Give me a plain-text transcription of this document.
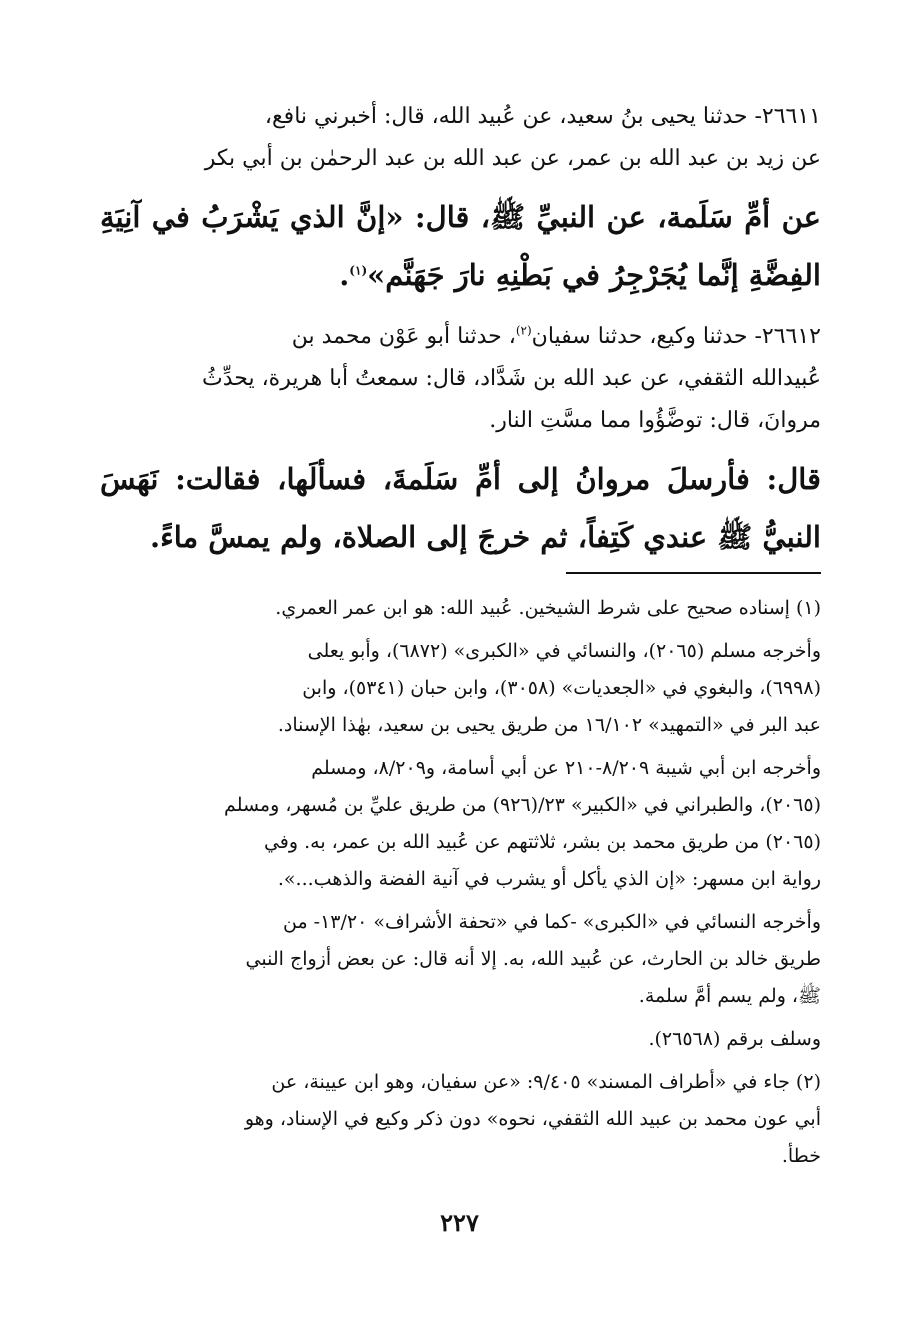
٢٦٦١١- حدثنا يحيى بنُ سعيد، عن عُبيد الله، قال: أخبرني نافع،
عن زيد بن عبد الله بن عمر، عن عبد الله بن عبد الرحمٰن بن أبي بكر
عن أمِّ سَلَمة، عن النبيِّ ﷺ، قال: «إنَّ الذي يَشْرَبُ في آنِيَةِ
الفِضَّةِ إنَّما يُجَرْجِرُ في بَطْنِهِ نارَ جَهَنَّم»$^{(١)}$.
٢٦٦١٢- حدثنا وكيع، حدثنا سفيان$^{(٢)}$، حدثنا أبو عَوْن محمد بن
عُبيدالله الثقفي، عن عبد الله بن شَدَّاد، قال: سمعتُ أبا هريرة، يحدِّثُ
مروانَ، قال: توضَّؤُوا مما مسَّتِ النار.
قال: فأرسلَ مروانُ إلى أمِّ سَلَمةَ، فسألَها، فقالت: نَهَسَ
النبيُّ ﷺ عندي كَتِفاً، ثم خرجَ إلى الصلاة، ولم يمسَّ ماءً.
(١) إسناده صحيح على شرط الشيخين. عُبيد الله: هو ابن عمر العمري.
وأخرجه مسلم (٢٠٦٥)، والنسائي في «الكبرى» (٦٨٧٢)، وأبو يعلى
(٦٩٩٨)، والبغوي في «الجعديات» (٣٠٥٨)، وابن حبان (٥٣٤١)، وابن
عبد البر في «التمهيد» ١٦/١٠٢ من طريق يحيى بن سعيد، بهٰذا الإسناد.
وأخرجه ابن أبي شيبة ٨/٢٠٩-٢١٠ عن أبي أسامة، و٨/٢٠٩، ومسلم
(٢٠٦٥)، والطبراني في «الكبير» ٢٣/(٩٢٦) من طريق عليِّ بن مُسهر، ومسلم
(٢٠٦٥) من طريق محمد بن بشر، ثلاثتهم عن عُبيد الله بن عمر، به. وفي
رواية ابن مسهر: «إن الذي يأكل أو يشرب في آنية الفضة والذهب...».
وأخرجه النسائي في «الكبرى» -كما في «تحفة الأشراف» ١٣/٢٠- من
طريق خالد بن الحارث، عن عُبيد الله، به. إلا أنه قال: عن بعض أزواج النبي
ﷺ، ولم يسم أمَّ سلمة.
وسلف برقم (٢٦٥٦٨).
(٢) جاء في «أطراف المسند» ٩/٤٠٥: «عن سفيان، وهو ابن عيينة، عن
أبي عون محمد بن عبيد الله الثقفي، نحوه» دون ذكر وكيع في الإسناد، وهو
خطأ.
٢٢٧
